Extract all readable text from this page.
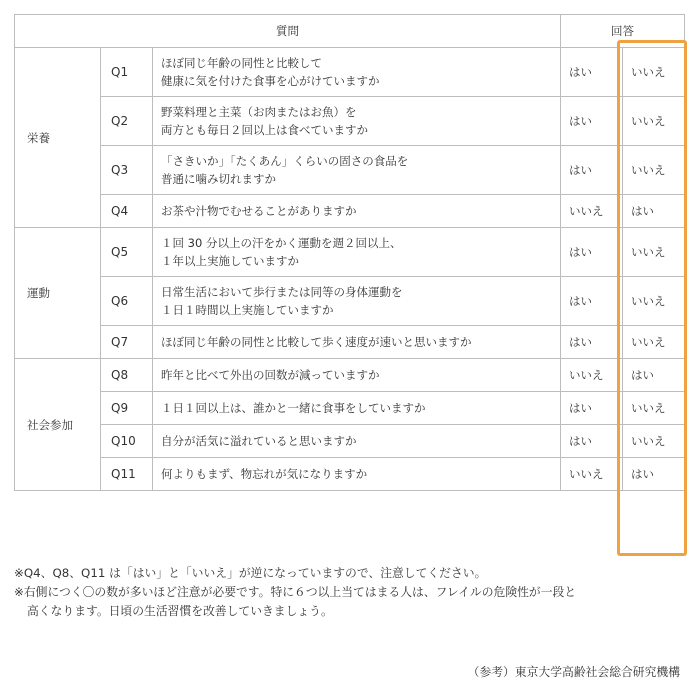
質問			回答	
栄養	Q1	ほぼ同じ年齢の同性と比較して
健康に気を付けた食事を心がけていますか	はい	いいえ
	Q2	野菜料理と主菜（お肉またはお魚）を
両方とも毎日２回以上は食べていますか	はい	いいえ
	Q3	「さきいか」「たくあん」くらいの固さの食品を
普通に噛み切れますか	はい	いいえ
	Q4	お茶や汁物でむせることがありますか	いいえ	はい
運動	Q5	１回 30 分以上の汗をかく運動を週２回以上、
１年以上実施していますか	はい	いいえ
	Q6	日常生活において歩行または同等の身体運動を
１日１時間以上実施していますか	はい	いいえ
	Q7	ほぼ同じ年齢の同性と比較して歩く速度が速いと思いますか	はい	いいえ
社会参加	Q8	昨年と比べて外出の回数が減っていますか	いいえ	はい
	Q9	１日１回以上は、誰かと一緒に食事をしていますか	はい	いいえ
	Q10	自分が活気に溢れていると思いますか	はい	いいえ
	Q11	何よりもまず、物忘れが気になりますか	いいえ	はい
※Q4、Q8、Q11 は「はい」と「いいえ」が逆になっていますので、注意してください。
※右側につく〇の数が多いほど注意が必要です。特に６つ以上当てはまる人は、フレイルの危険性が一段と
高くなります。日頃の生活習慣を改善していきましょう。
（参考）東京大学高齢社会総合研究機構
